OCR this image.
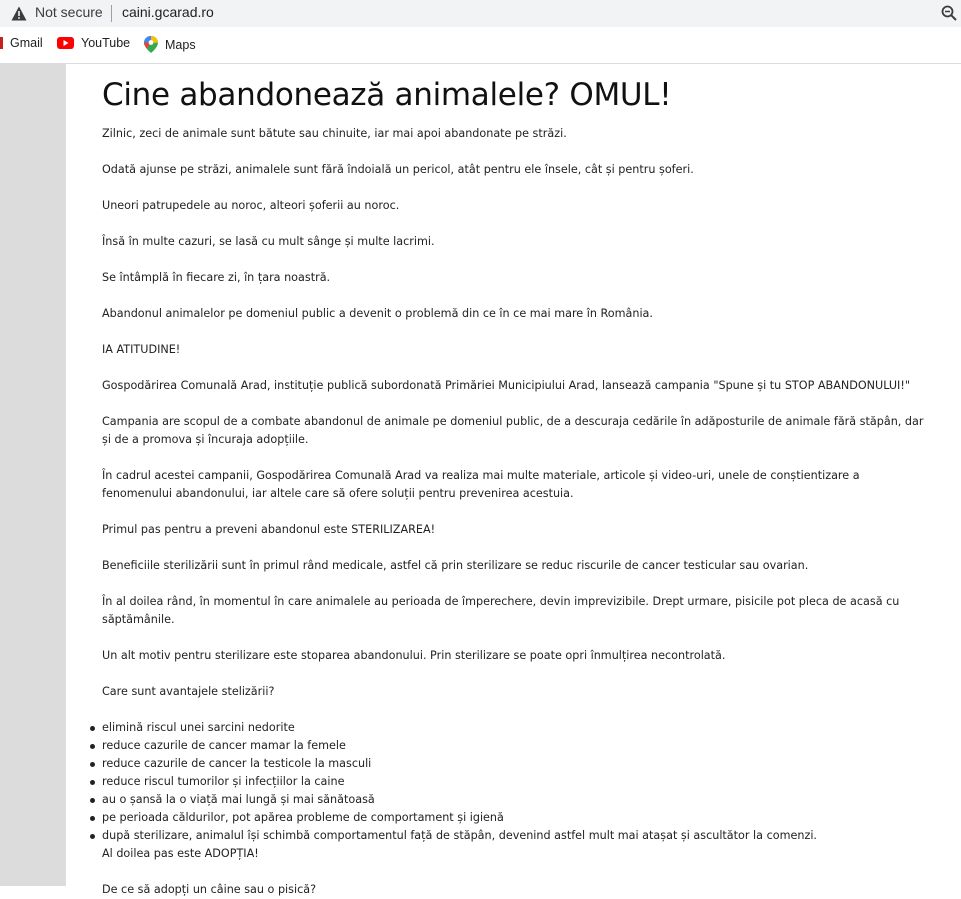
Not secure caini.gcarad.ro
Gmail	YouTube	Maps
Cine abandonează animalele? OMUL!

Zilnic, zeci de animale sunt bătute sau chinuite, iar mai apoi abandonate pe străzi.

Odată ajunse pe străzi, animalele sunt fără îndoială un pericol, atât pentru ele însele, cât și pentru șoferi.

Uneori patrupedele au noroc, alteori șoferii au noroc.

Însă în multe cazuri, se lasă cu mult sânge și multe lacrimi.

Se întâmplă în fiecare zi, în țara noastră.

Abandonul animalelor pe domeniul public a devenit o problemă din ce în ce mai mare în România.

IA ATITUDINE!

Gospodărirea Comunală Arad, instituție publică subordonată Primăriei Municipiului Arad, lansează campania "Spune și tu STOP ABANDONULUI!"

Campania are scopul de a combate abandonul de animale pe domeniul public, de a descuraja cedările în adăposturile de animale fără stăpân, dar și de a promova și încuraja adopțiile.

În cadrul acestei campanii, Gospodărirea Comunală Arad va realiza mai multe materiale, articole și video-uri, unele de conștientizare a fenomenului abandonului, iar altele care să ofere soluții pentru prevenirea acestuia.

Primul pas pentru a preveni abandonul este STERILIZAREA!

Beneficiile sterilizării sunt în primul rând medicale, astfel că prin sterilizare se reduc riscurile de cancer testicular sau ovarian.

În al doilea rând, în momentul în care animalele au perioada de împerechere, devin imprevizibile. Drept urmare, pisicile pot pleca de acasă cu săptămânile.

Un alt motiv pentru sterilizare este stoparea abandonului. Prin sterilizare se poate opri înmulțirea necontrolată.

Care sunt avantajele stelizării?

elimină riscul unei sarcini nedorite
reduce cazurile de cancer mamar la femele
reduce cazurile de cancer la testicole la masculi
reduce riscul tumorilor și infecțiilor la caine
au o șansă la o viață mai lungă și mai sănătoasă
pe perioada căldurilor, pot apărea probleme de comportament și igienă
după sterilizare, animalul își schimbă comportamentul față de stăpân, devenind astfel mult mai atașat și ascultător la comenzi.

Al doilea pas este ADOPȚIA!

De ce să adopți un câine sau o pisică?
